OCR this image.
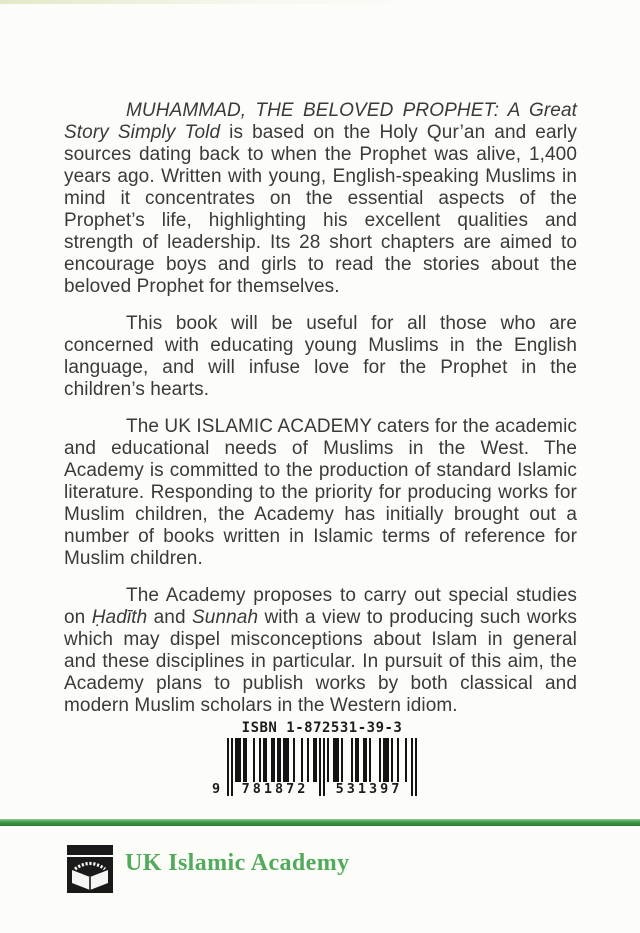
MUHAMMAD, THE BELOVED PROPHET: A Great Story Simply Told is based on the Holy Qur’an and early sources dating back to when the Prophet was alive, 1,400 years ago. Written with young, English-speaking Muslims in mind it concentrates on the essential aspects of the Prophet’s life, highlighting his excellent qualities and strength of leadership. Its 28 short chapters are aimed to encourage boys and girls to read the stories about the beloved Prophet for themselves.

This book will be useful for all those who are concerned with educating young Muslims in the English language, and will infuse love for the Prophet in the children’s hearts.

The UK ISLAMIC ACADEMY caters for the academic and educational needs of Muslims in the West. The Academy is committed to the production of standard Islamic literature. Responding to the priority for producing works for Muslim children, the Academy has initially brought out a number of books written in Islamic terms of reference for Muslim children.

The Academy proposes to carry out special studies on Ḥadīth and Sunnah with a view to producing such works which may dispel misconceptions about Islam in general and these disciplines in particular. In pursuit of this aim, the Academy plans to publish works by both classical and modern Muslim scholars in the Western idiom.

ISBN 1-872531-39-3
9	781872	531397
UK Islamic Academy
